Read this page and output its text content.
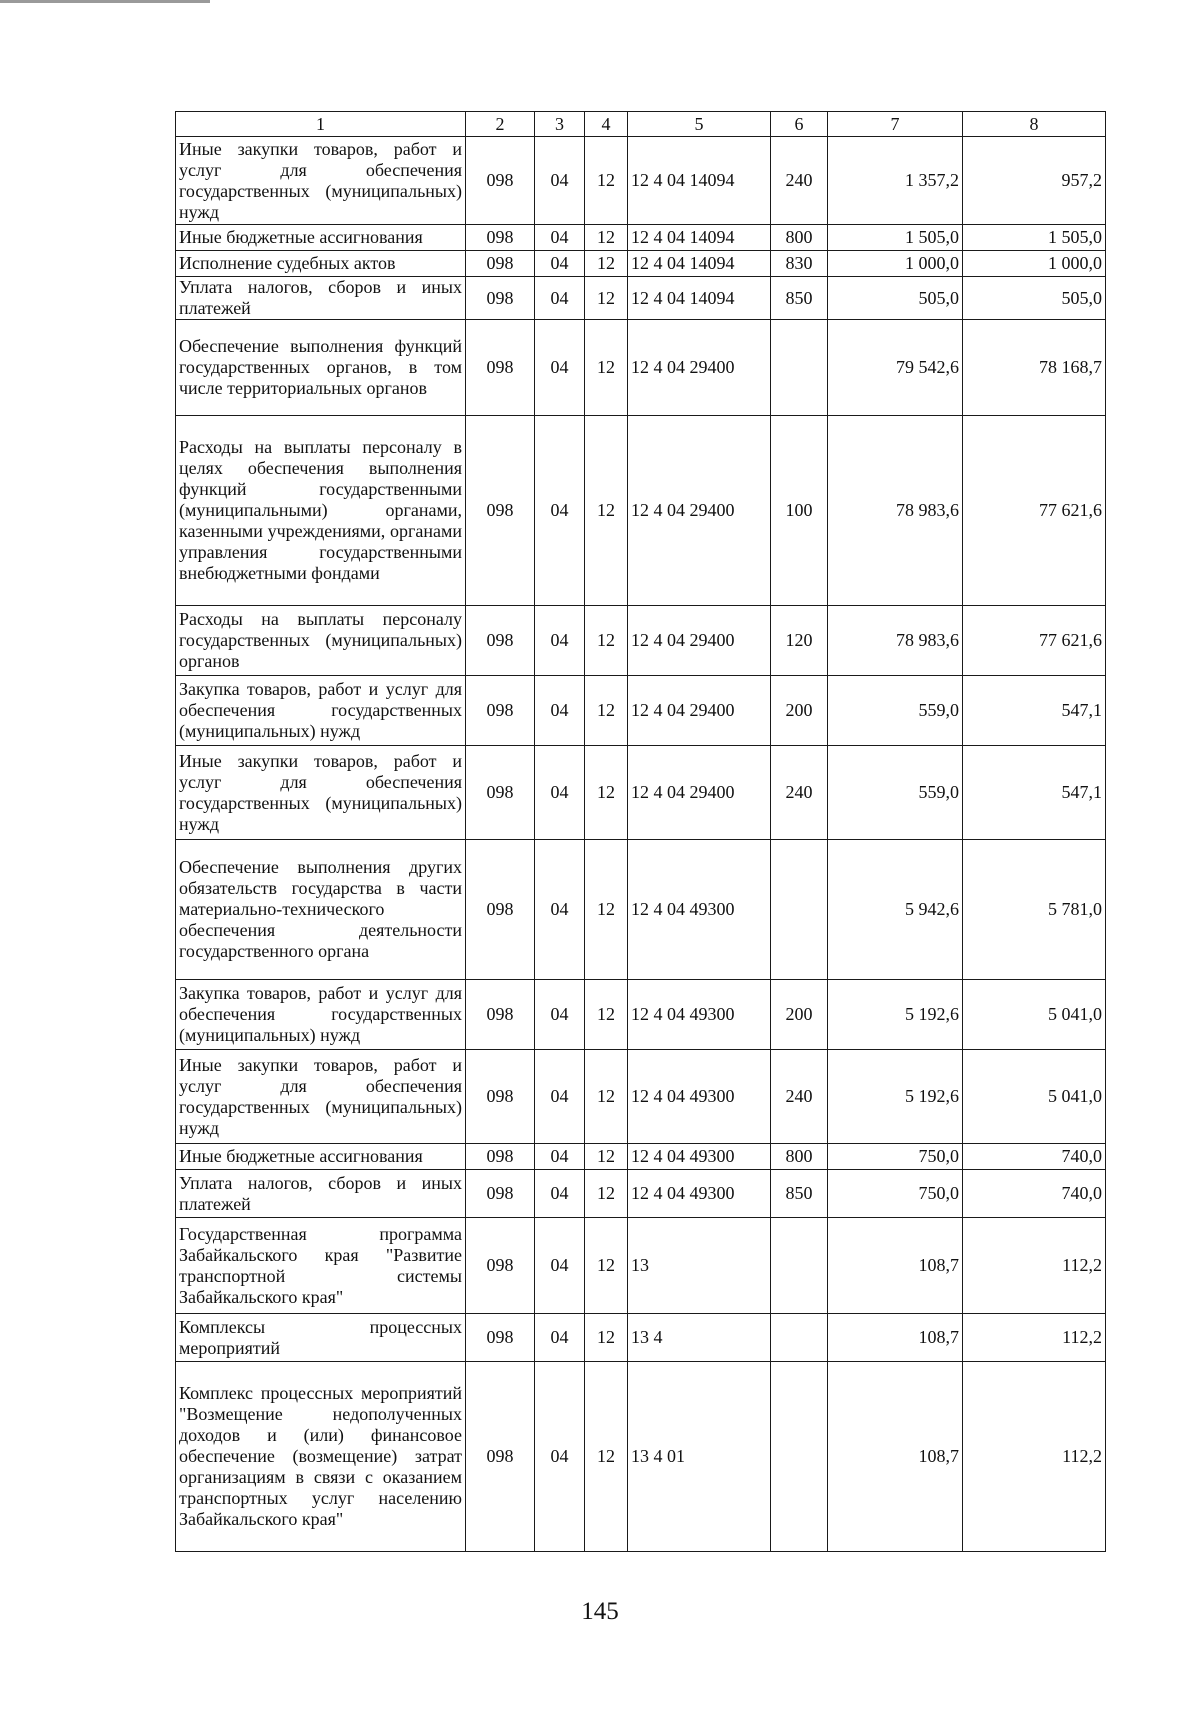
1	2	3	4	5	6	7	8
Иные закупки товаров, работ и услуг для обеспечения государственных (муниципальных) нужд	098	04	12	12 4 04 14094	240	1 357,2	957,2
Иные бюджетные ассигнования	098	04	12	12 4 04 14094	800	1 505,0	1 505,0
Исполнение судебных актов	098	04	12	12 4 04 14094	830	1 000,0	1 000,0
Уплата налогов, сборов и иных платежей	098	04	12	12 4 04 14094	850	505,0	505,0
Обеспечение выполнения функций государственных органов, в том числе территориальных органов	098	04	12	12 4 04 29400		79 542,6	78 168,7
Расходы на выплаты персоналу в целях обеспечения выполнения функций государственными (муниципальными) органами, казенными учреждениями, органами управления государственными внебюджетными фондами	098	04	12	12 4 04 29400	100	78 983,6	77 621,6
Расходы на выплаты персоналу государственных (муниципальных) органов	098	04	12	12 4 04 29400	120	78 983,6	77 621,6
Закупка товаров, работ и услуг для обеспечения государственных (муниципальных) нужд	098	04	12	12 4 04 29400	200	559,0	547,1
Иные закупки товаров, работ и услуг для обеспечения государственных (муниципальных) нужд	098	04	12	12 4 04 29400	240	559,0	547,1
Обеспечение выполнения других обязательств государства в части материально-технического обеспечения деятельности государственного органа	098	04	12	12 4 04 49300		5 942,6	5 781,0
Закупка товаров, работ и услуг для обеспечения государственных (муниципальных) нужд	098	04	12	12 4 04 49300	200	5 192,6	5 041,0
Иные закупки товаров, работ и услуг для обеспечения государственных (муниципальных) нужд	098	04	12	12 4 04 49300	240	5 192,6	5 041,0
Иные бюджетные ассигнования	098	04	12	12 4 04 49300	800	750,0	740,0
Уплата налогов, сборов и иных платежей	098	04	12	12 4 04 49300	850	750,0	740,0
Государственная программа Забайкальского края "Развитие транспортной системы Забайкальского края"	098	04	12	13		108,7	112,2
Комплексы процессных мероприятий	098	04	12	13 4		108,7	112,2
Комплекс процессных мероприятий "Возмещение недополученных доходов и (или) финансовое обеспечение (возмещение) затрат организациям в связи с оказанием транспортных услуг населению Забайкальского края"	098	04	12	13 4 01		108,7	112,2
145
